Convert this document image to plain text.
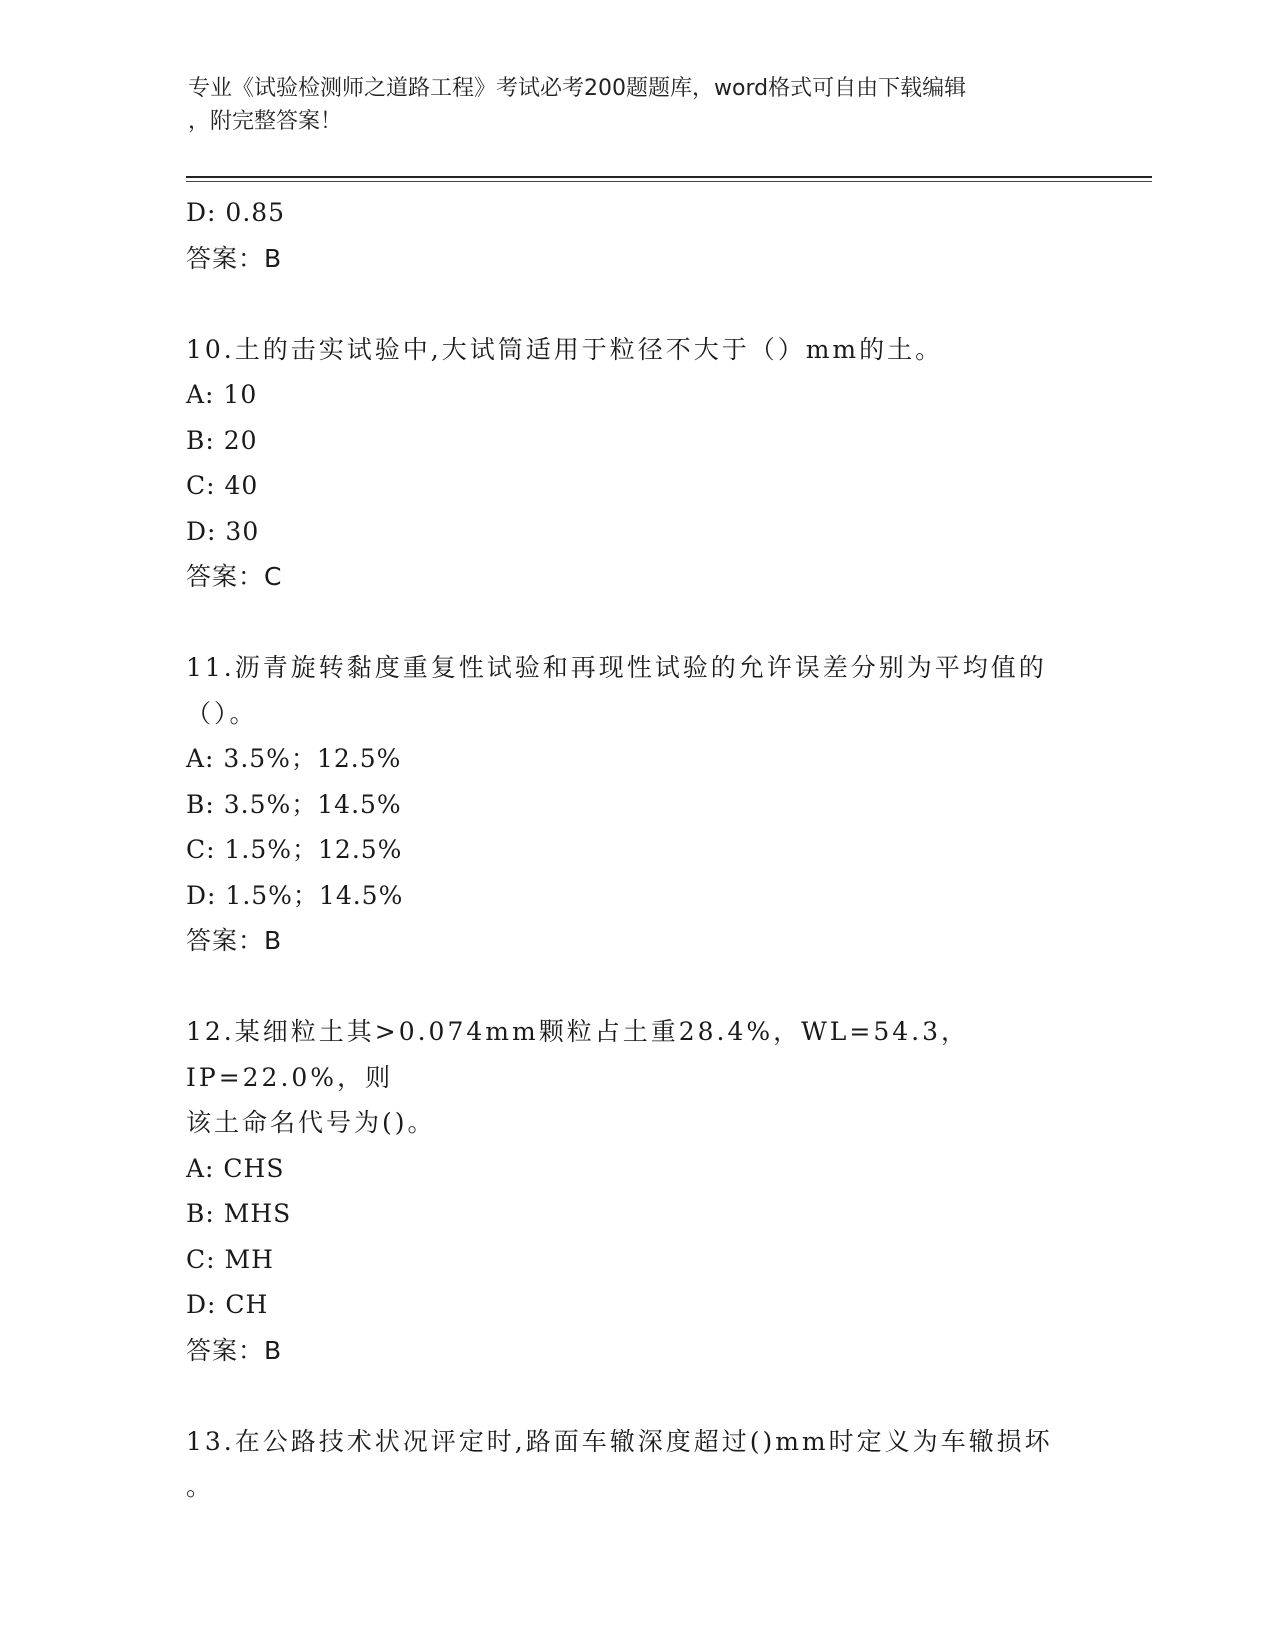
专业《试验检测师之道路工程》考试必考200题题库，word格式可自由下载编辑
，附完整答案！
D: 0.85
答案：B
10.土的击实试验中,大试筒适用于粒径不大于（）mm的土。
A: 10
B: 20
C: 40
D: 30
答案：C
11.沥青旋转黏度重复性试验和再现性试验的允许误差分别为平均值的
（）。
A: 3.5%；12.5%
B: 3.5%；14.5%
C: 1.5%；12.5%
D: 1.5%；14.5%
答案：B
12.某细粒土其>0.074mm颗粒占土重28.4%，WL=54.3，IP=22.0%，则
该土命名代号为()。
A: CHS
B: MHS
C: MH
D: CH
答案：B
13.在公路技术状况评定时,路面车辙深度超过()mm时定义为车辙损坏
。
